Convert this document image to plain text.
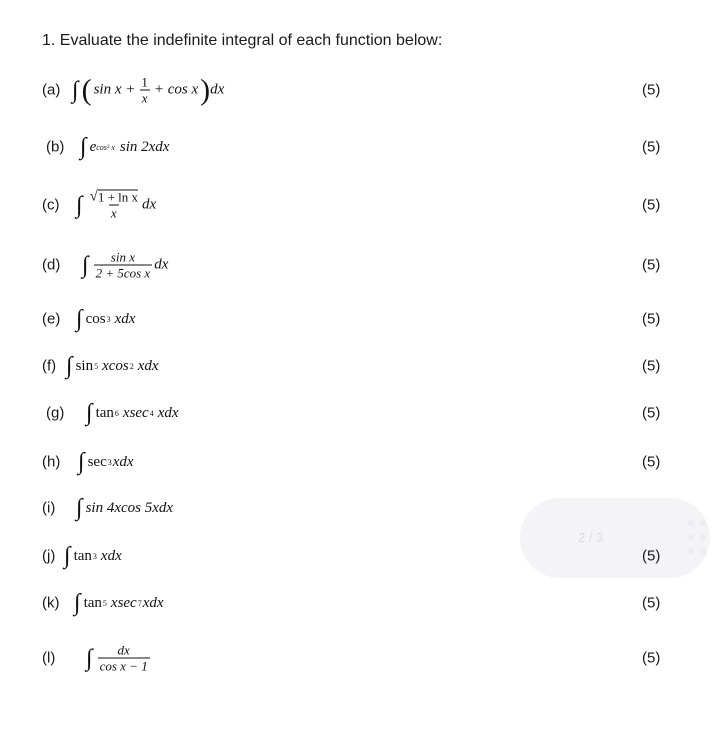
1. Evaluate the indefinite integral of each function below:
(a) ∫ ( $\sin x + \frac{1}{x} + \cos x$ ) dx	(5)
(b) ∫ e cos² x sin 2xdx	(5)
(c) ∫ $\frac{\text{√ 1 + ln x}}{x}$ dx	(5)
(d) ∫ $\frac{\text{sin x}}{\text{2 + 5cos x}}$ dx	(5)
(e) ∫ cos 3 xdx	(5)
(f) ∫ sin 5 xcos 2 xdx	(5)
(g) ∫ tan 6 xsec 4 xdx	(5)
(h) ∫ sec 3 xdx	(5)
(i) ∫ sin 4xcos 5xdx
2 / 3
(j) ∫ tan 3 xdx	(5)
(k) ∫ tan 5 xsec 7 xdx	(5)
(l) ∫ $\frac{dx}{\text{cos x − 1}}$	(5)
